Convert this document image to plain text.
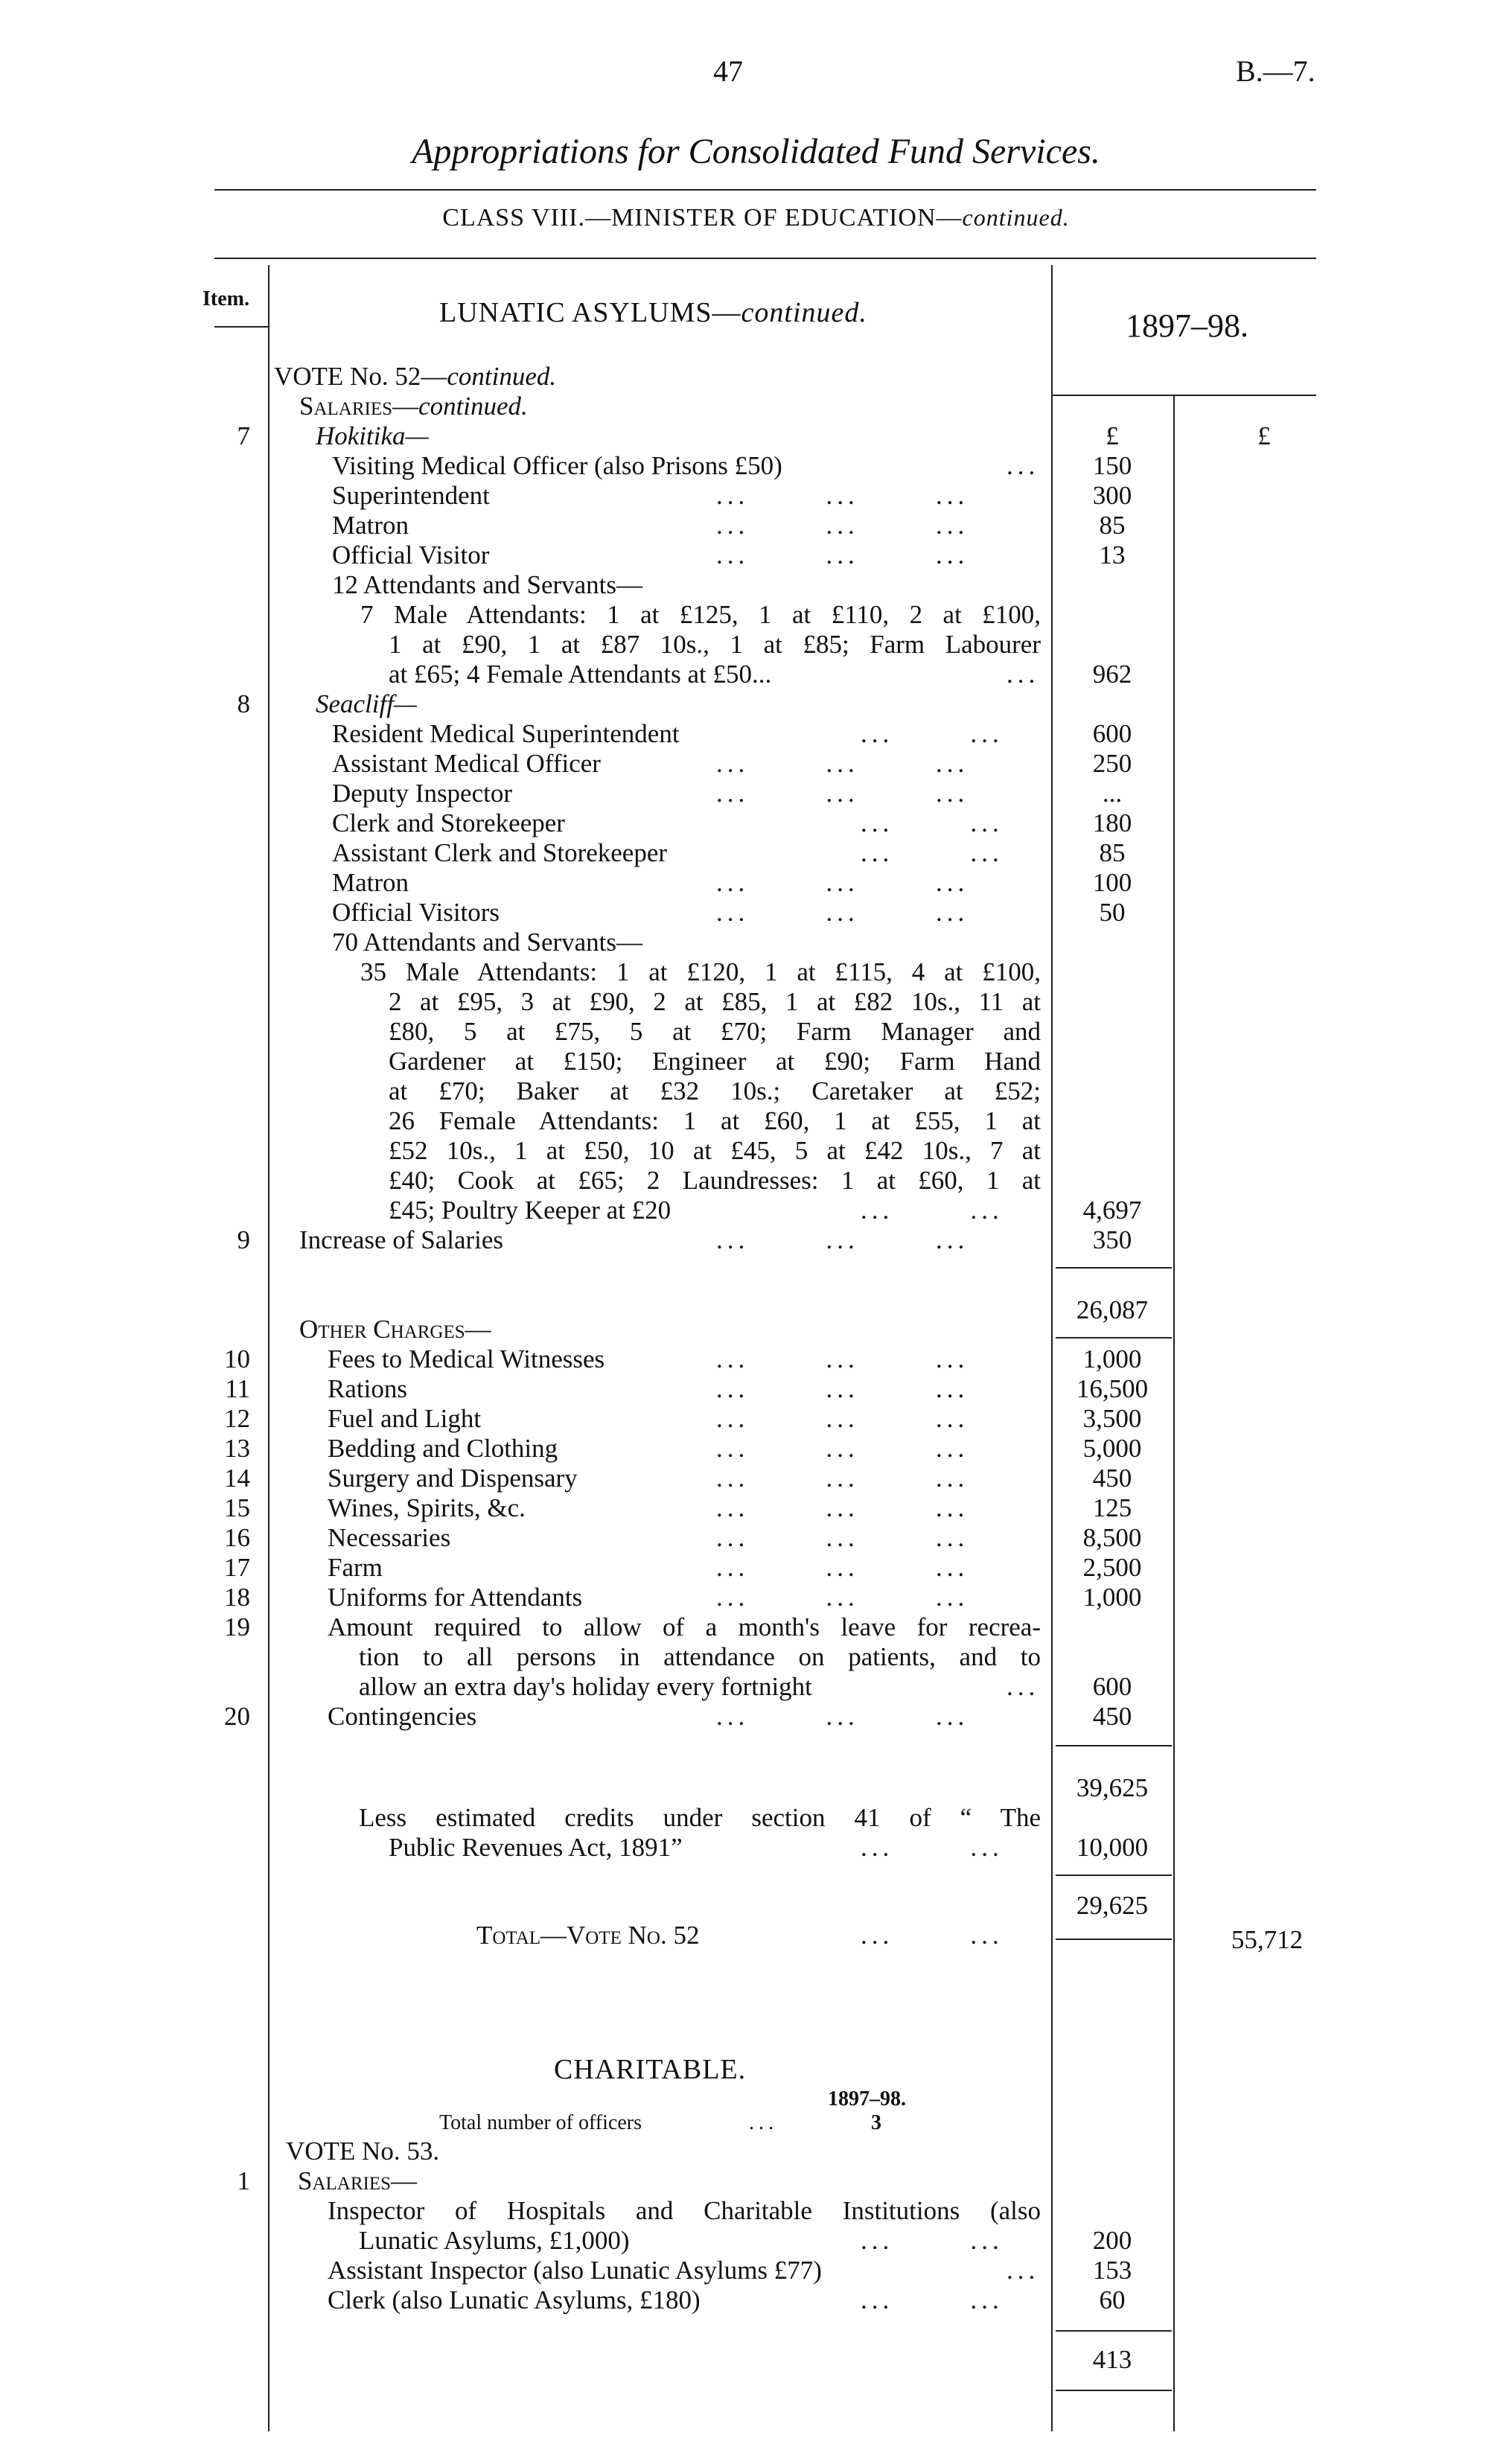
47	B.—7.
Appropriations for Consolidated Fund Services.
CLASS VIII.—MINISTER OF EDUCATION—continued.
Item.	LUNATIC ASYLUMS—continued.	1897–98.
VOTE No. 52—continued.
Salaries—continued.
7	Hokitika—	£	£
Visiting Medical Officer (also Prisons £50)	...	150
Superintendent	...       ...       ...	300
Matron	...       ...       ...	85
Official Visitor	...       ...       ...	13
12 Attendants and Servants—
7 Male Attendants: 1 at £125, 1 at £110, 2 at £100,
1 at £90, 1 at £87 10s., 1 at £85; Farm Labourer
at £65; 4 Female Attendants at £50...	...	962
8	Seacliff—
Resident Medical Superintendent	...       ...	600
Assistant Medical Officer	...       ...       ...	250
Deputy Inspector	...       ...       ...	...
Clerk and Storekeeper	...       ...	180
Assistant Clerk and Storekeeper	...       ...	85
Matron	...       ...       ...	100
Official Visitors	...       ...       ...	50
70 Attendants and Servants—
35 Male Attendants: 1 at £120, 1 at £115, 4 at £100,
2 at £95, 3 at £90, 2 at £85, 1 at £82 10s., 11 at
£80, 5 at £75, 5 at £70; Farm Manager and
Gardener at £150; Engineer at £90; Farm Hand
at £70; Baker at £32 10s.; Caretaker at £52;
26 Female Attendants: 1 at £60, 1 at £55, 1 at
£52 10s., 1 at £50, 10 at £45, 5 at £42 10s., 7 at
£40; Cook at £65; 2 Laundresses: 1 at £60, 1 at
£45; Poultry Keeper at £20	...       ...	4,697
9 Increase of Salaries	...       ...       ...	350
26,087
Other Charges—
10	Fees to Medical Witnesses	...       ...       ...	1,000
11	Rations	...       ...       ...	16,500
12	Fuel and Light	...       ...       ...	3,500
13	Bedding and Clothing	...       ...       ...	5,000
14	Surgery and Dispensary	...       ...       ...	450
15	Wines, Spirits, &c.	...       ...       ...	125
16	Necessaries	...       ...       ...	8,500
17	Farm	...       ...       ...	2,500
18	Uniforms for Attendants	...       ...       ...	1,000
19	Amount required to allow of a month's leave for recrea-
tion to all persons in attendance on patients, and to
allow an extra day's holiday every fortnight	...	600
20	Contingencies	...       ...       ...	450
39,625
Less estimated credits under section 41 of “ The
Public Revenues Act, 1891”	...       ...	10,000
29,625
Total—Vote No. 52	...       ...	55,712
CHARITABLE.
1897–98.
Total number of officers	...	3
VOTE No. 53.
1 Salaries—
Inspector of Hospitals and Charitable Institutions (also
Lunatic Asylums, £1,000)	...       ...	200
Assistant Inspector (also Lunatic Asylums £77)	...	153
Clerk (also Lunatic Asylums, £180)	...       ...	60
413
